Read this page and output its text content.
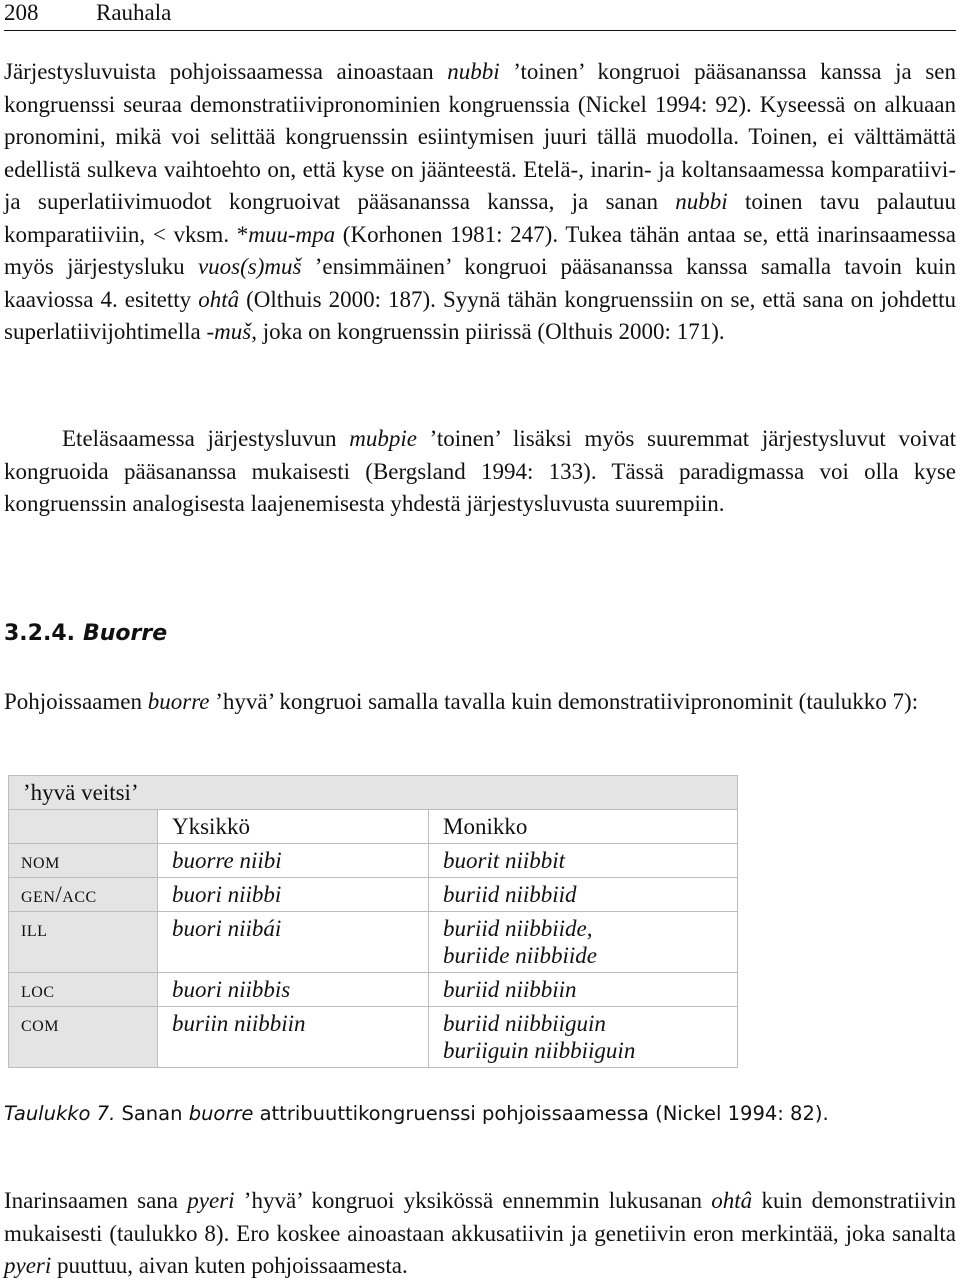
208	Rauhala

Järjestysluvuista pohjoissaamessa ainoastaan nubbi ’toinen’ kongruoi pääsananssa kanssa ja sen kongruenssi seuraa demonstratiivipronominien kongruenssia (Nickel 1994: 92). Kyseessä on alkuaan pronomini, mikä voi selittää kongruenssin esiintymisen juuri tällä muodolla. Toinen, ei välttämättä edellistä sulkeva vaihtoehto on, että kyse on jäänteestä. Etelä-, inarin- ja koltansaamessa komparatiivi- ja superlatiivimuodot kongruoivat pääsananssa kanssa, ja sanan nubbi toinen tavu palautuu komparatiiviin, < vksm. *muu-mpa (Korhonen 1981: 247). Tukea tähän antaa se, että inarinsaamessa myös järjestysluku vuos(s)muš ’ensimmäinen’ kongruoi pääsananssa kanssa samalla tavoin kuin kaaviossa 4. esitetty ohtâ (Olthuis 2000: 187). Syynä tähän kongruenssiin on se, että sana on johdettu superlatiivijohtimella -muš, joka on kongruenssin piirissä (Olthuis 2000: 171).

Eteläsaamessa järjestysluvun mubpie ’toinen’ lisäksi myös suuremmat järjestysluvut voivat kongruoida pääsananssa mukaisesti (Bergsland 1994: 133). Tässä paradigmassa voi olla kyse kongruenssin analogisesta laajenemisesta yhdestä järjestysluvusta suurempiin.

3.2.4. Buorre

Pohjoissaamen buorre ’hyvä’ kongruoi samalla tavalla kuin demonstratiivipronominit (taulukko 7):

’hyvä veitsi’		
	Yksikkö	Monikko
nom	buorre niibi	buorit niibbit
gen/acc	buori niibbi	buriid niibbiid
ill	buori niibái	buriid niibbiide,
buriide niibbiide
loc	buori niibbis	buriid niibbiin
com	buriin niibbiin	buriid niibbiiguin
buriiguin niibbiiguin

Taulukko 7. Sanan buorre attribuuttikongruenssi pohjoissaamessa (Nickel 1994: 82).

Inarinsaamen sana pyeri ’hyvä’ kongruoi yksikössä ennemmin lukusanan ohtâ kuin demonstratiivin mukaisesti (taulukko 8). Ero koskee ainoastaan akkusatiivin ja genetiivin eron merkintää, joka sanalta pyeri puuttuu, aivan kuten pohjoissaamesta.
